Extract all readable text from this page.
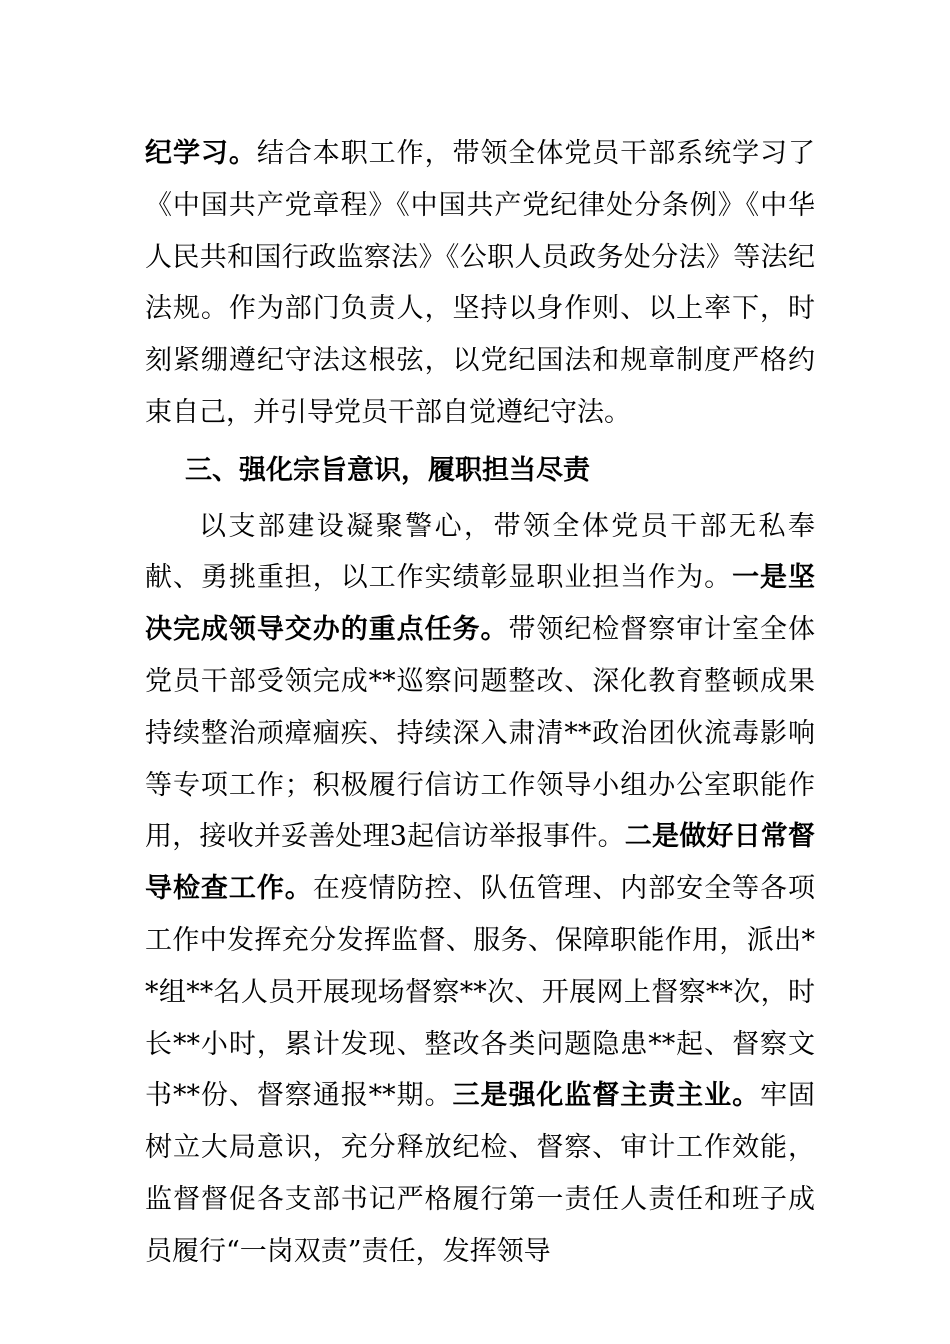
纪学习。结合本职工作，带领全体党员干部系统学习了《中国共产党章程》《中国共产党纪律处分条例》《中华人民共和国行政监察法》《公职人员政务处分法》等法纪法规。作为部门负责人，坚持以身作则、以上率下，时刻紧绷遵纪守法这根弦，以党纪国法和规章制度严格约束自己，并引导党员干部自觉遵纪守法。

三、强化宗旨意识，履职担当尽责

以支部建设凝聚警心，带领全体党员干部无私奉献、勇挑重担，以工作实绩彰显职业担当作为。一是坚决完成领导交办的重点任务。带领纪检督察审计室全体党员干部受领完成**巡察问题整改、深化教育整顿成果持续整治顽瘴痼疾、持续深入肃清**政治团伙流毒影响等专项工作；积极履行信访工作领导小组办公室职能作用，接收并妥善处理3起信访举报事件。二是做好日常督导检查工作。在疫情防控、队伍管理、内部安全等各项工作中发挥充分发挥监督、服务、保障职能作用，派出**组**名人员开展现场督察**次、开展网上督察**次，时长**小时，累计发现、整改各类问题隐患**起、督察文书**份、督察通报**期。三是强化监督主责主业。牢固树立大局意识，充分释放纪检、督察、审计工作效能，监督督促各支部书记严格履行第一责任人责任和班子成员履行“一岗双责”责任，发挥领导
